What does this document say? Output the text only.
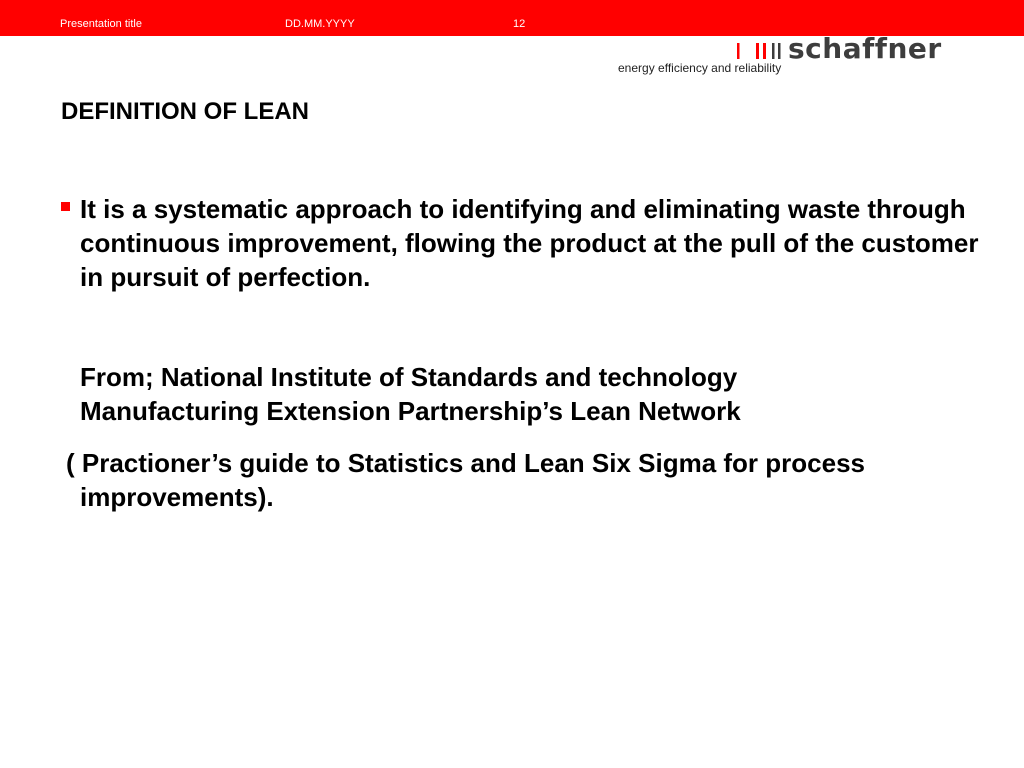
Presentation title	DD.MM.YYYY	12
schaffner
energy efficiency and reliability
DEFINITION OF LEAN
It is a systematic approach to identifying and eliminating waste through continuous improvement, flowing the product at the pull of the customer in pursuit of perfection.
From; National Institute of Standards and technology
Manufacturing Extension Partnership’s Lean Network
( Practioner’s guide to Statistics and Lean Six Sigma for process
improvements).
